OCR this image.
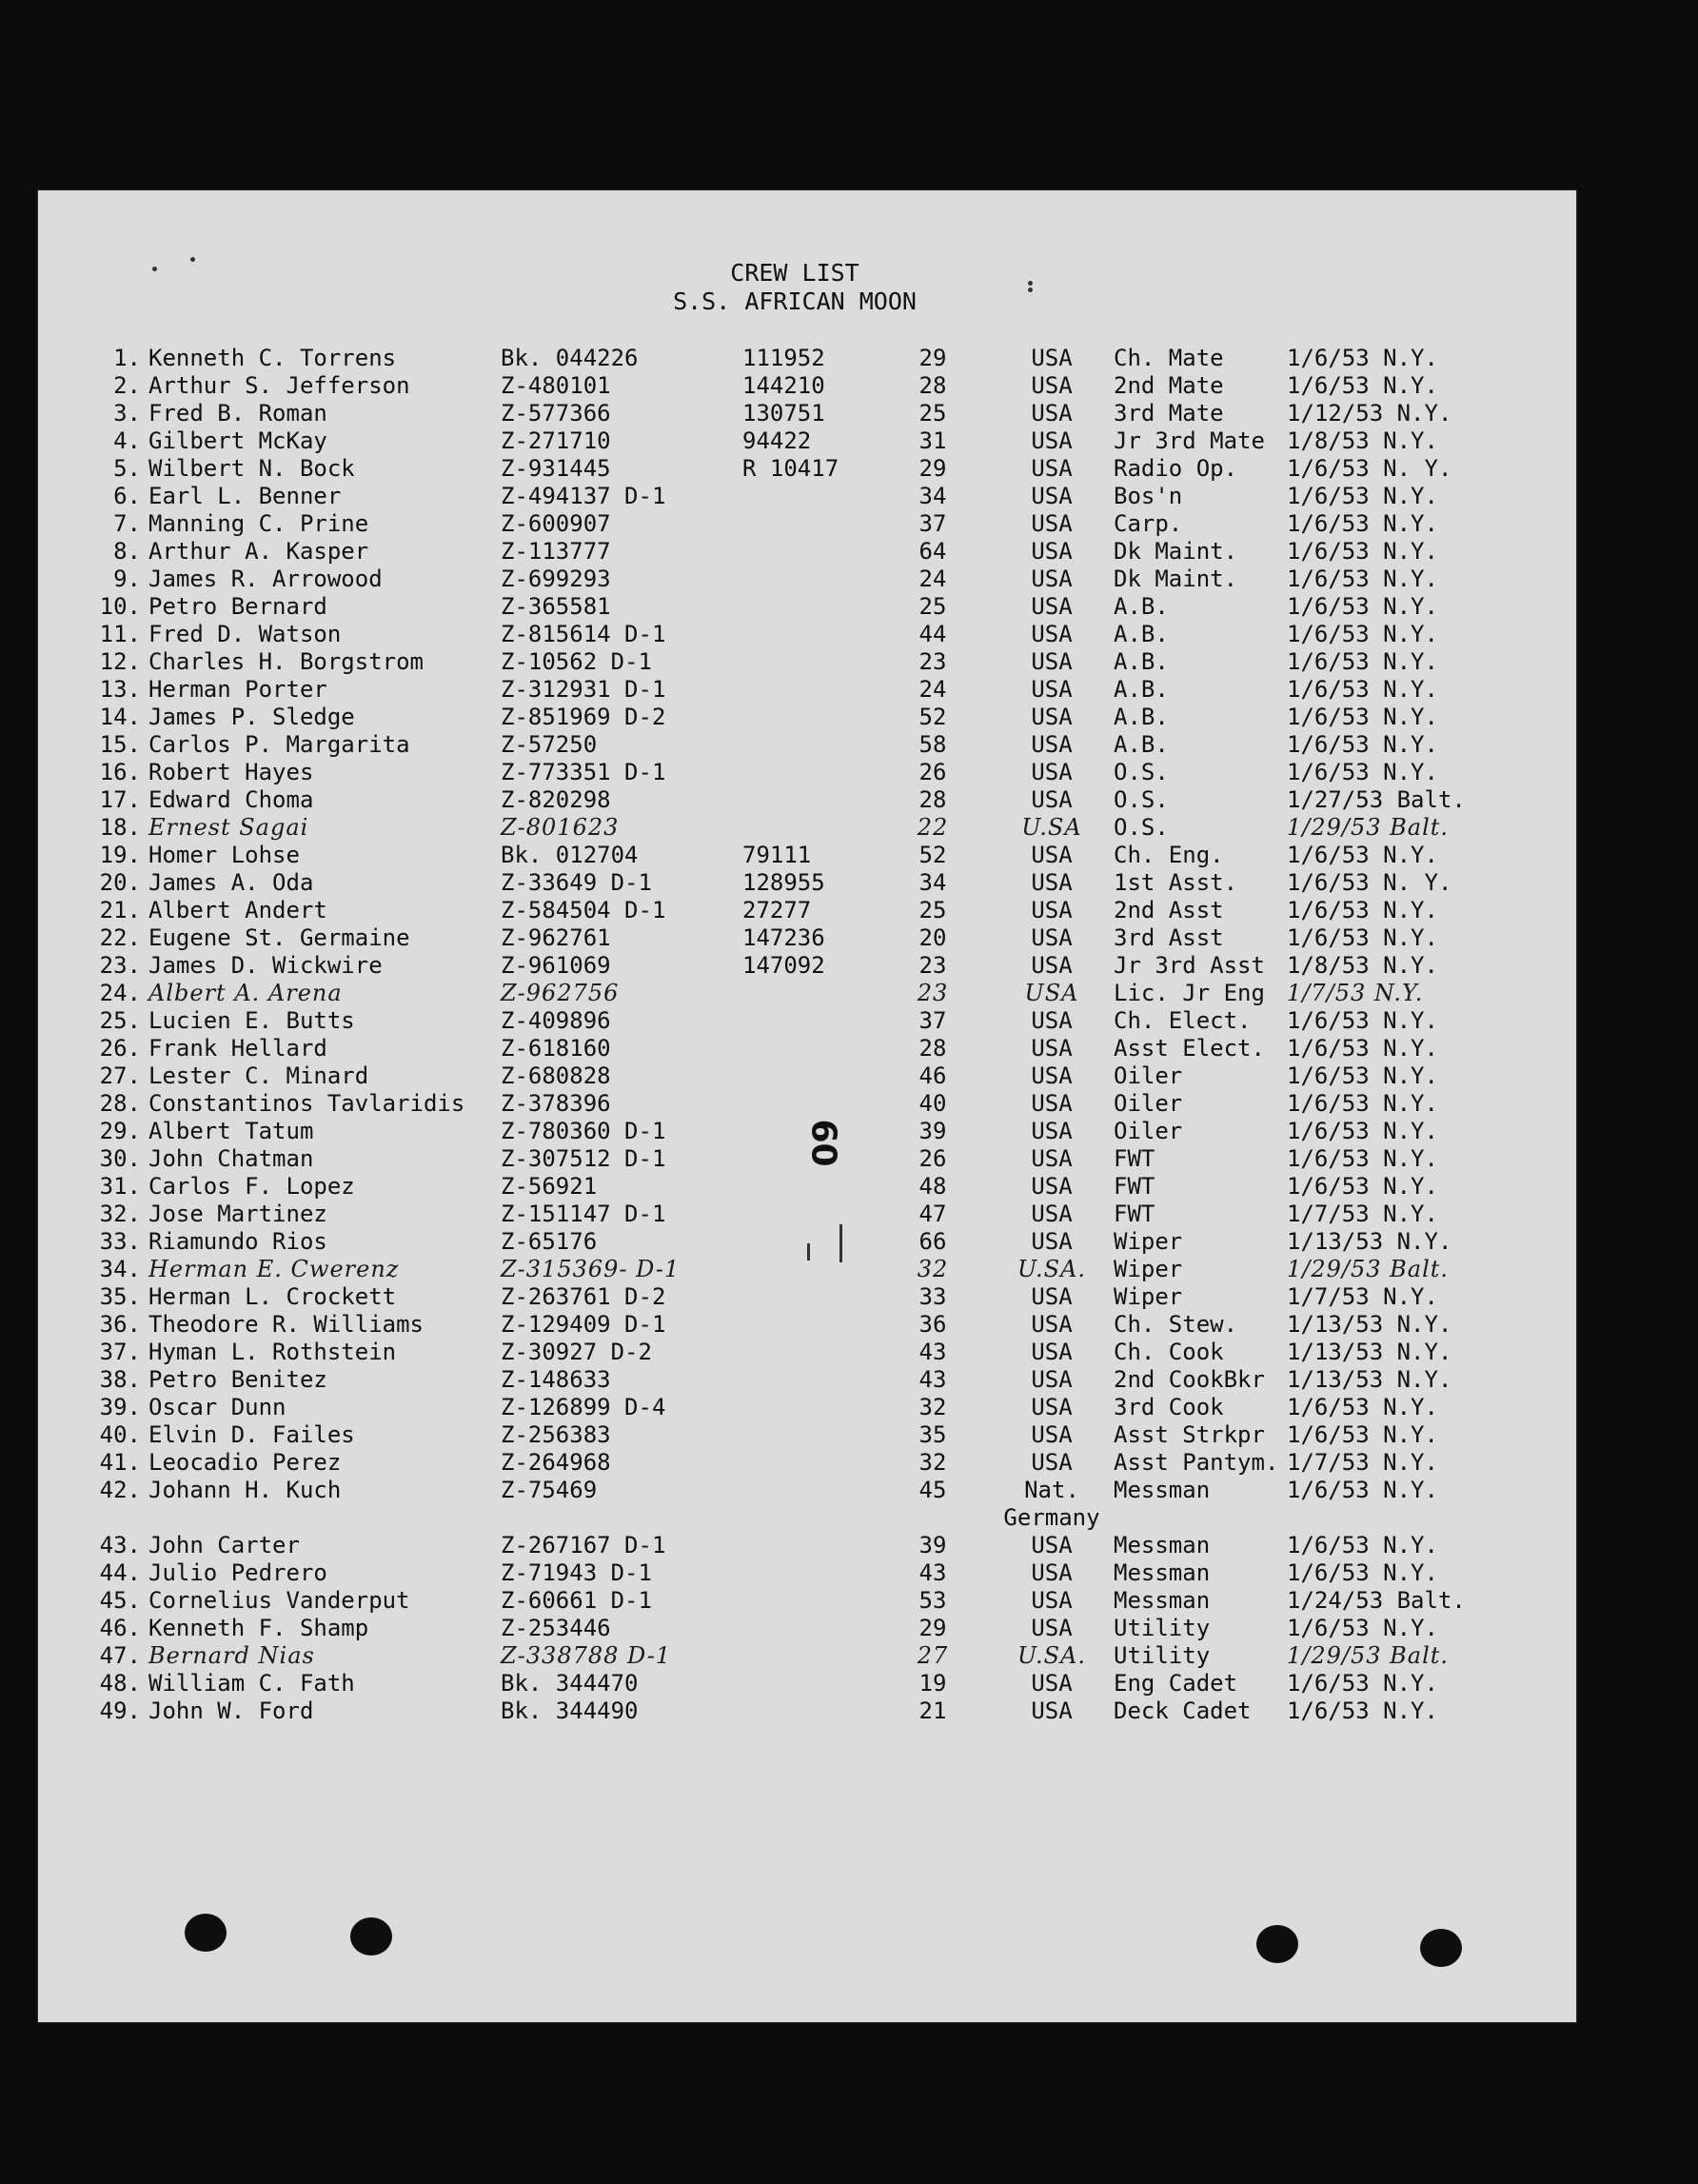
CREW LIST
S.S. AFRICAN MOON
1. Kenneth C. Torrens	Bk. 044226	111952	29	USA	Ch. Mate	1/6/53 N.Y.
2. Arthur S. Jefferson	Z-480101	144210	28	USA	2nd Mate	1/6/53 N.Y.
3. Fred B. Roman	Z-577366	130751	25	USA	3rd Mate	1/12/53 N.Y.
4. Gilbert McKay	Z-271710	94422	31	USA	Jr 3rd Mate 1/8/53 N.Y.
5. Wilbert N. Bock	Z-931445	R 10417	29	USA	Radio Op.	1/6/53 N. Y.
6. Earl L. Benner	Z-494137 D-1	34	USA	Bos'n	1/6/53 N.Y.
7. Manning C. Prine	Z-600907	37	USA	Carp.	1/6/53 N.Y.
8. Arthur A. Kasper	Z-113777	64	USA	Dk Maint.	1/6/53 N.Y.
9. James R. Arrowood	Z-699293	24	USA	Dk Maint.	1/6/53 N.Y.
10. Petro Bernard	Z-365581	25	USA	A.B.	1/6/53 N.Y.
11. Fred D. Watson	Z-815614 D-1	44	USA	A.B.	1/6/53 N.Y.
12. Charles H. Borgstrom	Z-10562 D-1	23	USA	A.B.	1/6/53 N.Y.
13. Herman Porter	Z-312931 D-1	24	USA	A.B.	1/6/53 N.Y.
14. James P. Sledge	Z-851969 D-2	52	USA	A.B.	1/6/53 N.Y.
15. Carlos P. Margarita	Z-57250	58	USA	A.B.	1/6/53 N.Y.
16. Robert Hayes	Z-773351 D-1	26	USA	O.S.	1/6/53 N.Y.
17. Edward Choma	Z-820298	28	USA	O.S.	1/27/53 Balt.
18. Ernest Sagai	Z-801623	22	U.SA	O.S.	1/29/53 Balt.
19. Homer Lohse	Bk. 012704	79111	52	USA	Ch. Eng.	1/6/53 N.Y.
20. James A. Oda	Z-33649 D-1	128955	34	USA	1st Asst.	1/6/53 N. Y.
21. Albert Andert	Z-584504 D-1	27277	25	USA	2nd Asst	1/6/53 N.Y.
22. Eugene St. Germaine	Z-962761	147236	20	USA	3rd Asst	1/6/53 N.Y.
23. James D. Wickwire	Z-961069	147092	23	USA	Jr 3rd Asst 1/8/53 N.Y.
24. Albert A. Arena	Z-962756	23	USA	Lic. Jr Eng 1/7/53 N.Y.
25. Lucien E. Butts	Z-409896	37	USA	Ch. Elect.	1/6/53 N.Y.
26. Frank Hellard	Z-618160	28	USA	Asst Elect. 1/6/53 N.Y.
27. Lester C. Minard	Z-680828	46	USA	Oiler	1/6/53 N.Y.
28. Constantinos Tavlaridis	Z-378396	40	USA	Oiler	1/6/53 N.Y.
29. Albert Tatum	Z-780360 D-1	39	USA	Oiler	1/6/53 N.Y.
30. John Chatman	Z-307512 D-1	26	USA	FWT	1/6/53 N.Y.
31. Carlos F. Lopez	Z-56921	48	USA	FWT	1/6/53 N.Y.
32. Jose Martinez	Z-151147 D-1	47	USA	FWT	1/7/53 N.Y.
33. Riamundo Rios	Z-65176	66	USA	Wiper	1/13/53 N.Y.
34. Herman E. Cwerenz	Z-315369- D-1	32	U.SA.	Wiper	1/29/53 Balt.
35. Herman L. Crockett	Z-263761 D-2	33	USA	Wiper	1/7/53 N.Y.
36. Theodore R. Williams	Z-129409 D-1	36	USA	Ch. Stew.	1/13/53 N.Y.
37. Hyman L. Rothstein	Z-30927 D-2	43	USA	Ch. Cook	1/13/53 N.Y.
38. Petro Benitez	Z-148633	43	USA	2nd CookBkr 1/13/53 N.Y.
39. Oscar Dunn	Z-126899 D-4	32	USA	3rd Cook	1/6/53 N.Y.
40. Elvin D. Failes	Z-256383	35	USA	Asst Strkpr 1/6/53 N.Y.
41. Leocadio Perez	Z-264968	32	USA	Asst Pantym. 1/7/53 N.Y.
42. Johann H. Kuch	Z-75469	45	Nat.	Messman	1/6/53 N.Y.
Germany
43. John Carter	Z-267167 D-1	39	USA	Messman	1/6/53 N.Y.
44. Julio Pedrero	Z-71943 D-1	43	USA	Messman	1/6/53 N.Y.
45. Cornelius Vanderput	Z-60661 D-1	53	USA	Messman	1/24/53 Balt.
46. Kenneth F. Shamp	Z-253446	29	USA	Utility	1/6/53 N.Y.
47. Bernard Nias	Z-338788 D-1	27	U.SA.	Utility	1/29/53 Balt.
48. William C. Fath	Bk. 344470	19	USA	Eng Cadet	1/6/53 N.Y.
49. John W. Ford	Bk. 344490	21	USA	Deck Cadet	1/6/53 N.Y.
60
